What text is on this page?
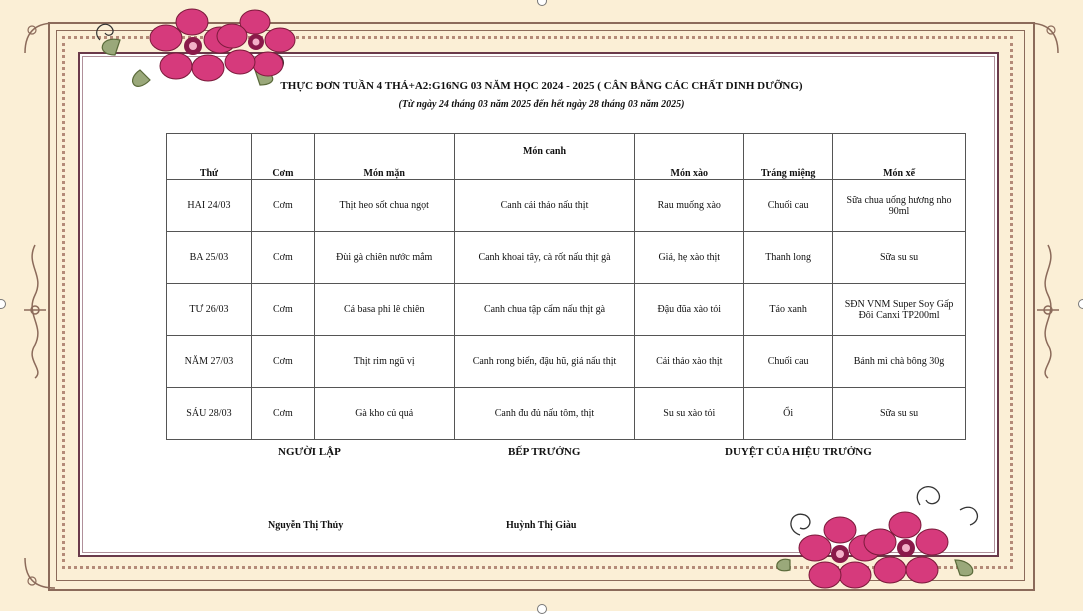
THỰC ĐƠN TUẦN 4 THÁ+A2:G16NG 03 NĂM HỌC 2024 - 2025 ( CÂN BẰNG CÁC CHẤT DINH DƯỠNG)
(Từ ngày 24 tháng 03 năm 2025 đến hết ngày 28 tháng 03 năm 2025)
Thứ	Cơm	Món mặn	Món canh	Món xào	Tráng miệng	Món xế
HAI 24/03	Cơm	Thịt heo sốt chua ngọt	Canh cải thảo nấu thịt	Rau muống xào	Chuối cau	Sữa chua uống hương nho 90ml
BA 25/03	Cơm	Đùi gà chiên nước mắm	Canh khoai tây, cà rốt nấu thịt gà	Giá, hẹ xào thịt	Thanh long	Sữa su su
TƯ 26/03	Cơm	Cá basa phi lê chiên	Canh chua tập cẩm nấu thịt gà	Đậu đũa xào tỏi	Táo xanh	SĐN VNM Super Soy Gấp Đôi Canxi TP200ml
NĂM 27/03	Cơm	Thịt rim ngũ vị	Canh rong biển, đậu hũ, giá nấu thịt	Cải thảo xào thịt	Chuối cau	Bánh mì chà bông 30g
SÁU 28/03	Cơm	Gà kho củ quả	Canh đu đủ nấu tôm, thịt	Su su xào tỏi	Ổi	Sữa su su
NGƯỜI LẬP	BẾP TRƯỞNG	DUYỆT CỦA HIỆU TRƯỞNG
Nguyễn Thị Thủy	Huỳnh Thị Giàu
